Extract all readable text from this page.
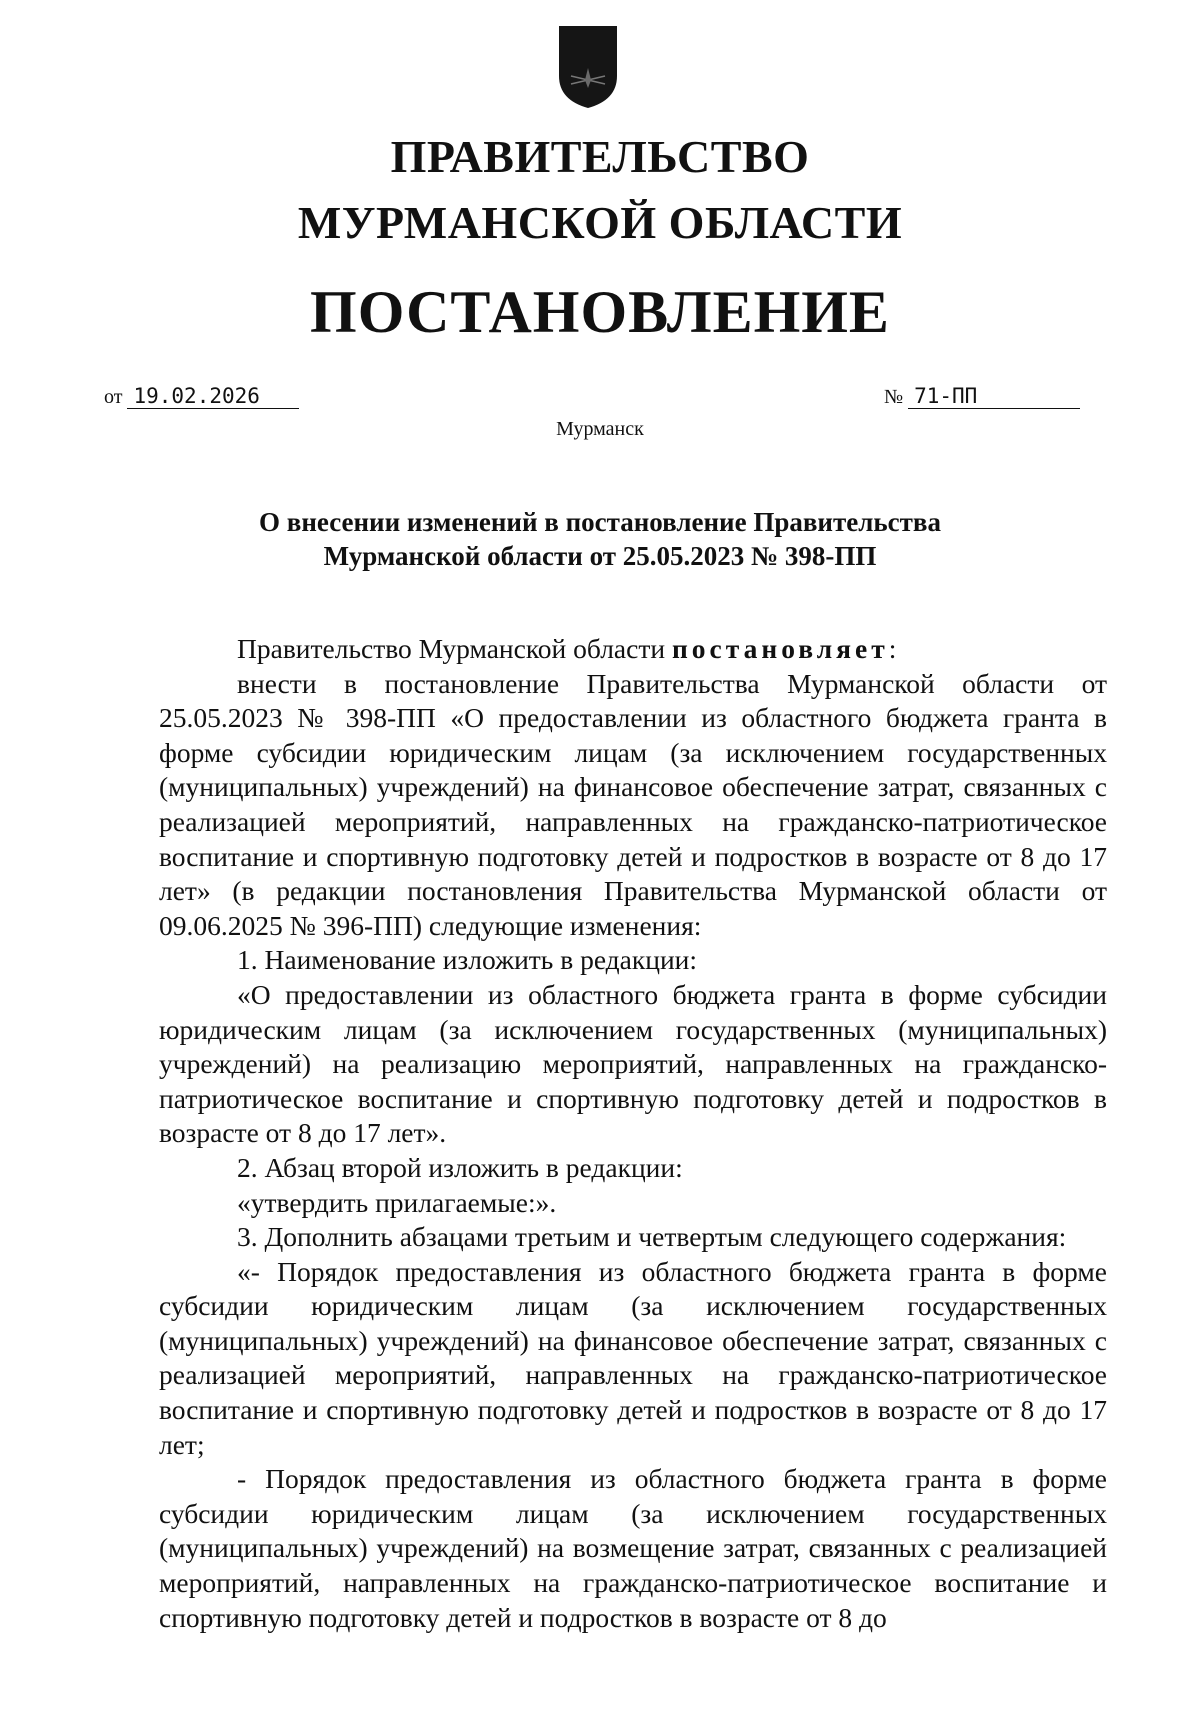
ПРАВИТЕЛЬСТВО
МУРМАНСКОЙ ОБЛАСТИ
ПОСТАНОВЛЕНИЕ
от 19.02.2026	№ 71-ПП
Мурманск
О внесении изменений в постановление Правительства
Мурманской области от 25.05.2023 № 398-ПП

Правительство Мурманской области постановляет:

внести в постановление Правительства Мурманской области от 25.05.2023 № 398-ПП «О предоставлении из областного бюджета гранта в форме субсидии юридическим лицам (за исключением государственных (муниципальных) учреждений) на финансовое обеспечение затрат, связанных с реализацией мероприятий, направленных на гражданско-патриотическое воспитание и спортивную подготовку детей и подростков в возрасте от 8 до 17 лет» (в редакции постановления Правительства Мурманской области от 09.06.2025 № 396-ПП) следующие изменения:

1. Наименование изложить в редакции:

«О предоставлении из областного бюджета гранта в форме субсидии юридическим лицам (за исключением государственных (муниципальных) учреждений) на реализацию мероприятий, направленных на гражданско-патриотическое воспитание и спортивную подготовку детей и подростков в возрасте от 8 до 17 лет».

2. Абзац второй изложить в редакции:

«утвердить прилагаемые:».

3. Дополнить абзацами третьим и четвертым следующего содержания:

«- Порядок предоставления из областного бюджета гранта в форме субсидии юридическим лицам (за исключением государственных (муниципальных) учреждений) на финансовое обеспечение затрат, связанных с реализацией мероприятий, направленных на гражданско-патриотическое воспитание и спортивную подготовку детей и подростков в возрасте от 8 до 17 лет;

- Порядок предоставления из областного бюджета гранта в форме субсидии юридическим лицам (за исключением государственных (муниципальных) учреждений) на возмещение затрат, связанных с реализацией мероприятий, направленных на гражданско-патриотическое воспитание и спортивную подготовку детей и подростков в возрасте от 8 до
